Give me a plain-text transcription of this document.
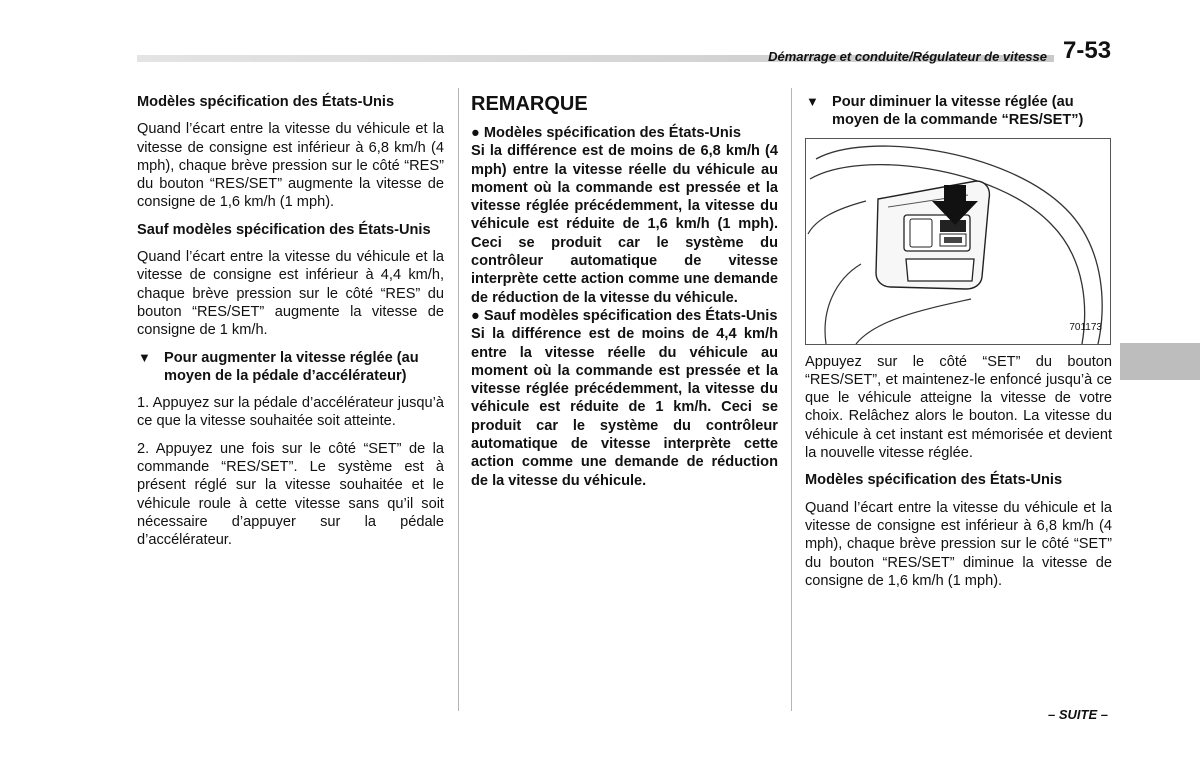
Démarrage et conduite/Régulateur de vitesse 7-53

Modèles spécification des États-Unis

Quand l’écart entre la vitesse du véhicule et la vitesse de consigne est inférieur à 6,8 km/h (4 mph), chaque brève pression sur le côté “RES” du bouton “RES/SET” augmente la vitesse de consigne de 1,6 km/h (1 mph).

Sauf modèles spécification des États-Unis

Quand l’écart entre la vitesse du véhicule et la vitesse de consigne est inférieur à 4,4 km/h, chaque brève pression sur le côté “RES” du bouton “RES/SET” augmente la vitesse de consigne de 1 km/h.

▼ Pour augmenter la vitesse réglée (au moyen de la pédale d’accélérateur)

1. Appuyez sur la pédale d’accélérateur jusqu’à ce que la vitesse souhaitée soit atteinte.

2. Appuyez une fois sur le côté “SET” de la commande “RES/SET”. Le système est à présent réglé sur la vitesse souhaitée et le véhicule roule à cette vitesse sans qu’il soit nécessaire d’appuyer sur la pédale d’accélérateur.

REMARQUE

● Modèles spécification des États-Unis

Si la différence est de moins de 6,8 km/h (4 mph) entre la vitesse réelle du véhicule au moment où la commande est pressée et la vitesse réglée précédemment, la vitesse du véhicule est réduite de 1,6 km/h (1 mph). Ceci se produit car le système du contrôleur automatique de vitesse interprète cette action comme une demande de réduction de la vitesse du véhicule.

● Sauf modèles spécification des États-Unis

Si la différence est de moins de 4,4 km/h entre la vitesse réelle du véhicule au moment où la commande est pressée et la vitesse réglée précédemment, la vitesse du véhicule est réduite de 1 km/h. Ceci se produit car le système du contrôleur automatique de vitesse interprète cette action comme une demande de réduction de la vitesse du véhicule.

▼ Pour diminuer la vitesse réglée (au moyen de la commande “RES/SET”)
701173

Appuyez sur le côté “SET” du bouton “RES/SET”, et maintenez-le enfoncé jusqu’à ce que le véhicule atteigne la vitesse de votre choix. Relâchez alors le bouton. La vitesse du véhicule à cet instant est mémorisée et devient la nouvelle vitesse réglée.

Modèles spécification des États-Unis

Quand l’écart entre la vitesse du véhicule et la vitesse de consigne est inférieur à 6,8 km/h (4 mph), chaque brève pression sur le côté “SET” du bouton “RES/SET” diminue la vitesse de consigne de 1,6 km/h (1 mph).

– SUITE –
